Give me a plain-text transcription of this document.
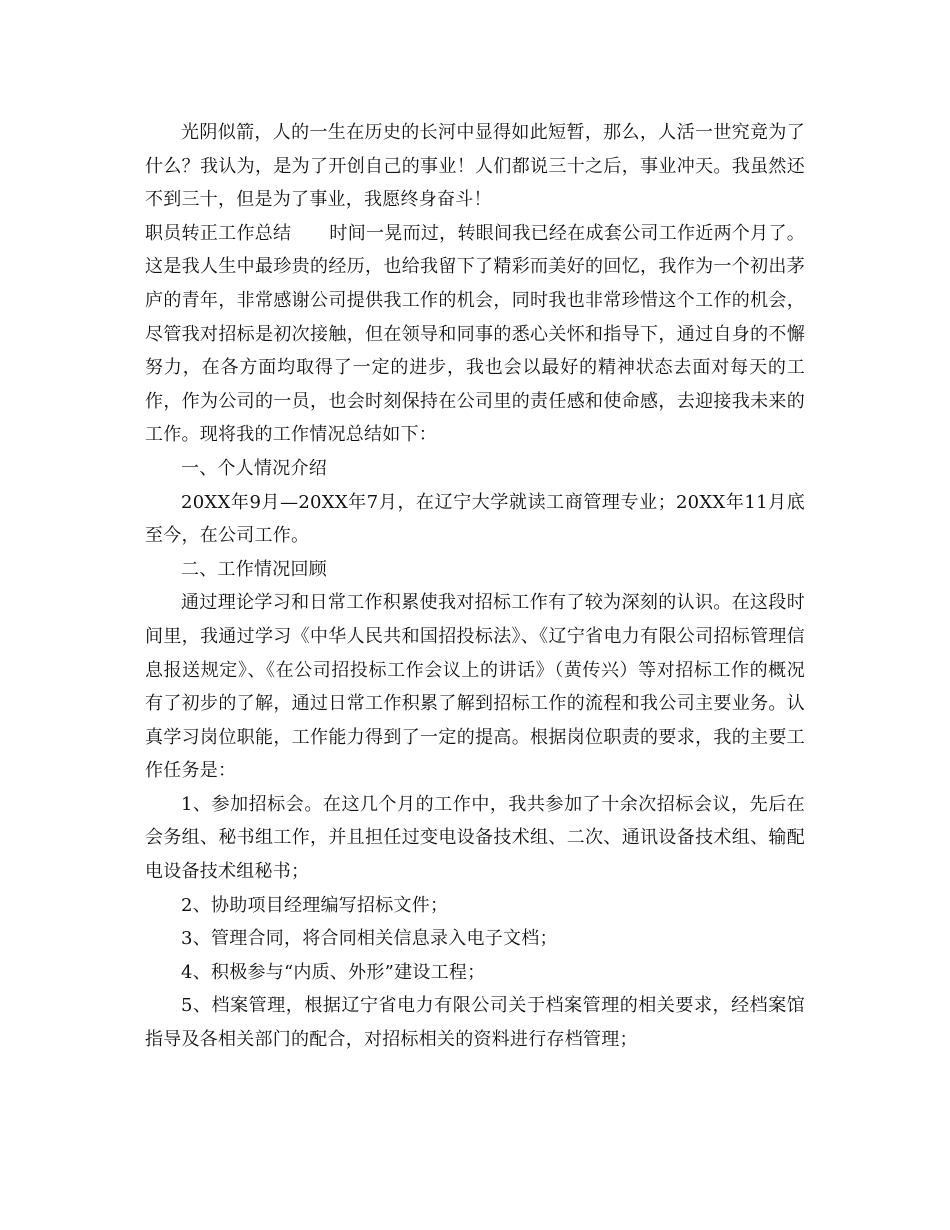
光阴似箭，人的一生在历史的长河中显得如此短暂，那么，人活一世究竟为了什么？我认为，是为了开创自己的事业！人们都说三十之后，事业冲天。我虽然还不到三十，但是为了事业，我愿终身奋斗！

职员转正工作总结 时间一晃而过，转眼间我已经在成套公司工作近两个月了。这是我人生中最珍贵的经历，也给我留下了精彩而美好的回忆，我作为一个初出茅庐的青年，非常感谢公司提供我工作的机会，同时我也非常珍惜这个工作的机会，尽管我对招标是初次接触，但在领导和同事的悉心关怀和指导下，通过自身的不懈努力，在各方面均取得了一定的进步，我也会以最好的精神状态去面对每天的工作，作为公司的一员，也会时刻保持在公司里的责任感和使命感，去迎接我未来的工作。现将我的工作情况总结如下：

一、个人情况介绍

20XX年9月—20XX年7月，在辽宁大学就读工商管理专业；20XX年11月底至今，在公司工作。

二、工作情况回顾

通过理论学习和日常工作积累使我对招标工作有了较为深刻的认识。在这段时间里，我通过学习《中华人民共和国招投标法》、《辽宁省电力有限公司招标管理信息报送规定》、《在公司招投标工作会议上的讲话》（黄传兴）等对招标工作的概况有了初步的了解，通过日常工作积累了解到招标工作的流程和我公司主要业务。认真学习岗位职能，工作能力得到了一定的提高。根据岗位职责的要求，我的主要工作任务是：

1、参加招标会。在这几个月的工作中，我共参加了十余次招标会议，先后在会务组、秘书组工作，并且担任过变电设备技术组、二次、通讯设备技术组、输配电设备技术组秘书；

2、协助项目经理编写招标文件；

3、管理合同，将合同相关信息录入电子文档；

4、积极参与“内质、外形”建设工程；

5、档案管理，根据辽宁省电力有限公司关于档案管理的相关要求，经档案馆指导及各相关部门的配合，对招标相关的资料进行存档管理；
